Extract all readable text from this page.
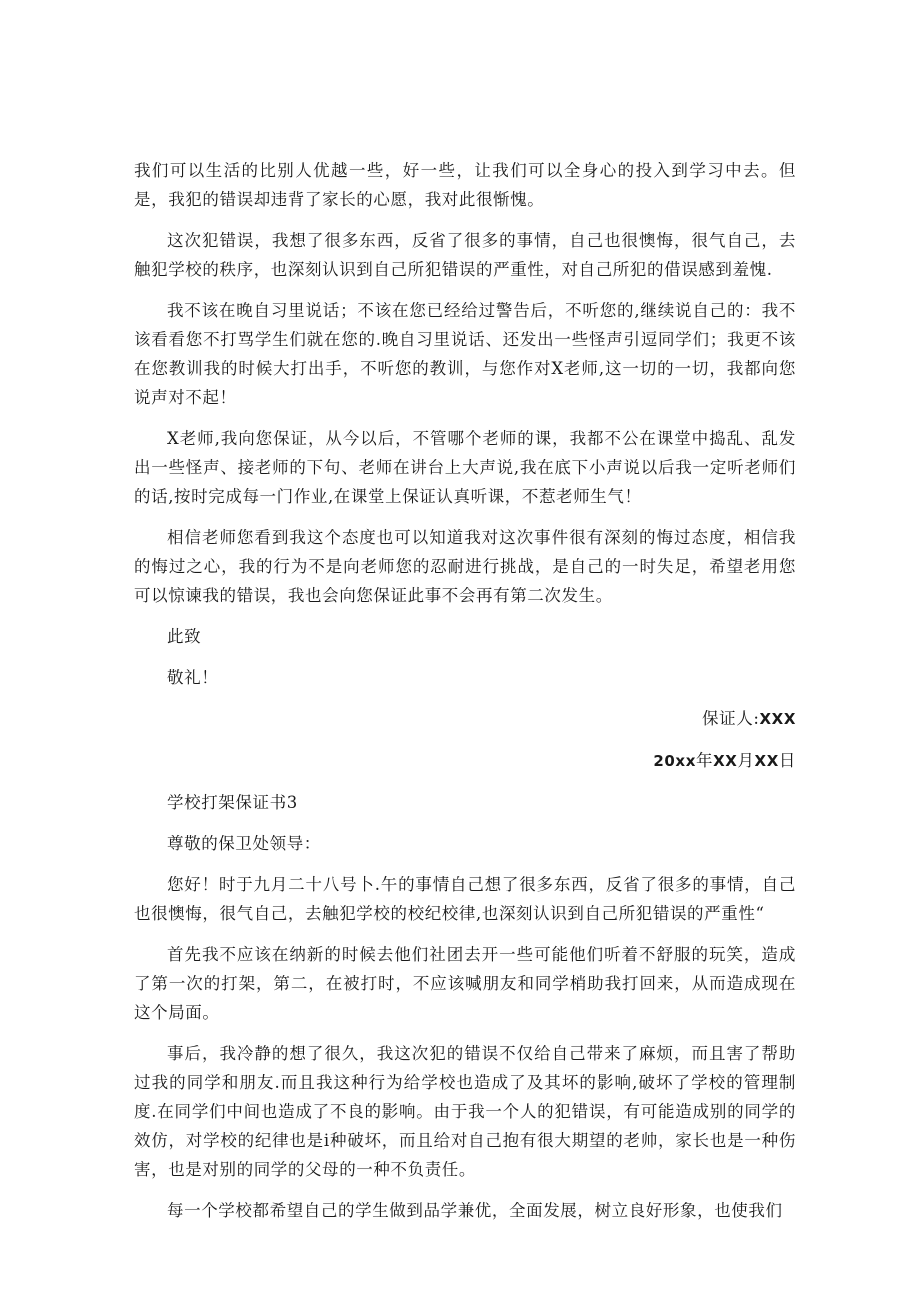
我们可以生活的比别人优越一些，好一些，让我们可以全身心的投入到学习中去。但是，我犯的错误却违背了家长的心愿，我对此很惭愧。

这次犯错误，我想了很多东西，反省了很多的事情，自己也很懊悔，很气自己，去触犯学校的秩序，也深刻认识到自己所犯错误的严重性，对自己所犯的借误感到羞愧.

我不该在晚自习里说话；不该在您已经给过警告后，不听您的,继续说自己的：我不该看看您不打骂学生们就在您的.晚自习里说话、还发出一些怪声引逗同学们；我更不该在您教训我的时候大打出手，不听您的教训，与您作对X老师,这一切的一切，我都向您说声对不起！

X老师,我向您保证，从今以后，不管哪个老师的课，我都不公在课堂中捣乱、乱发出一些怪声、接老师的下句、老师在讲台上大声说,我在底下小声说以后我一定听老师们的话,按时完成每一门作业,在课堂上保证认真听课，不惹老师生气！

相信老师您看到我这个态度也可以知道我对这次事件很有深刻的悔过态度，相信我的悔过之心，我的行为不是向老师您的忍耐进行挑战，是自己的一时失足，希望老用您可以惊谏我的错误，我也会向您保证此事不会再有第二次发生。

此致

敬礼！

保证人:XXX

20xx年XX月XX日

学校打架保证书3

尊敬的保卫处领导：

您好！时于九月二十八号卜.午的事情自己想了很多东西，反省了很多的事情，自己也很懊悔，很气自己，去触犯学校的校纪校律,也深刻认识到自己所犯错误的严重性“

首先我不应该在纳新的时候去他们社团去开一些可能他们听着不舒服的玩笑，造成了第一次的打架，第二，在被打时，不应该喊朋友和同学梢助我打回来，从而造成现在这个局面。

事后，我冷静的想了很久，我这次犯的错误不仅给自己带来了麻烦，而且害了帮助过我的同学和朋友.而且我这种行为给学校也造成了及其坏的影响,破坏了学校的管理制度.在同学们中间也造成了不良的影响。由于我一个人的犯错误，有可能造成别的同学的效仿，对学校的纪律也是i种破坏，而且给对自己抱有很大期望的老帅，家长也是一种伤害，也是对别的同学的父母的一种不负责任。

每一个学校都希望自己的学生做到品学兼优，全面发展，树立良好形象，也使我们
